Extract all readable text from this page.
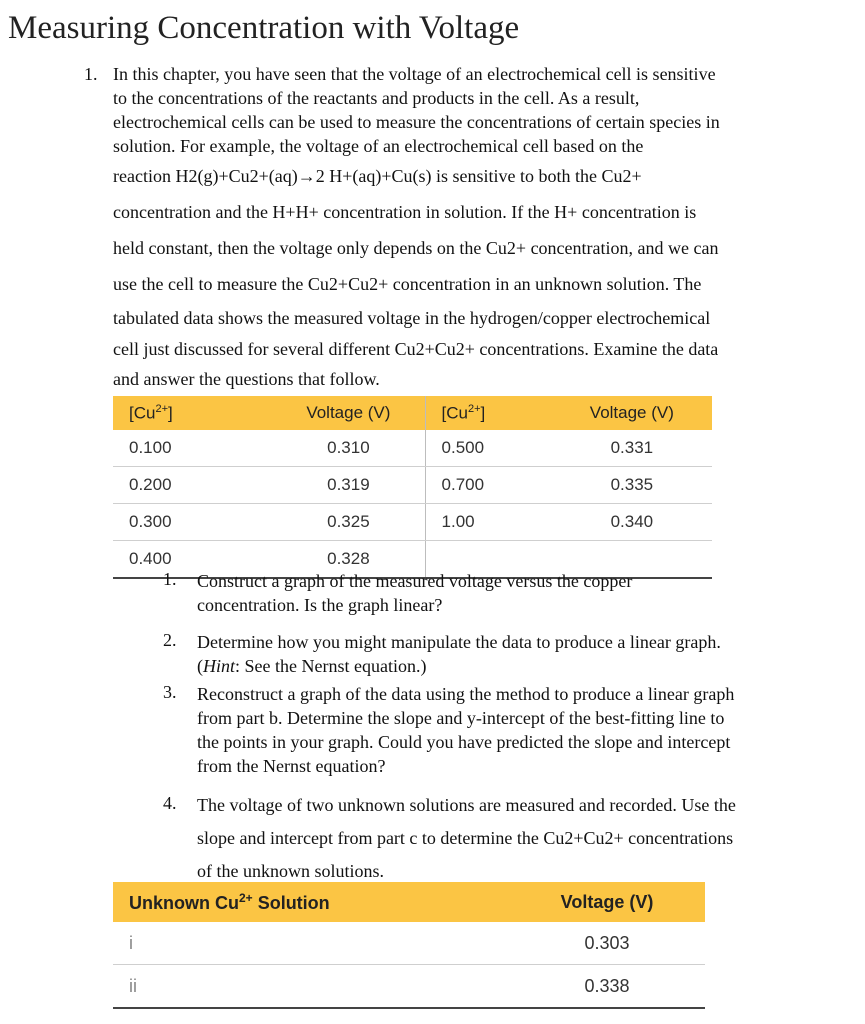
Measuring Concentration with Voltage
1. In this chapter, you have seen that the voltage of an electrochemical cell is sensitive
to the concentrations of the reactants and products in the cell. As a result,
electrochemical cells can be used to measure the concentrations of certain species in
solution. For example, the voltage of an electrochemical cell based on the
reaction H2(g)+Cu2+(aq)→2 H+(aq)+Cu(s) is sensitive to both the Cu2+
concentration and the H+H+ concentration in solution. If the H+ concentration is
held constant, then the voltage only depends on the Cu2+ concentration, and we can
use the cell to measure the Cu2+Cu2+ concentration in an unknown solution. The
tabulated data shows the measured voltage in the hydrogen/copper electrochemical
cell just discussed for several different Cu2+Cu2+ concentrations. Examine the data
and answer the questions that follow.
$[Cu^{2+}]$	Voltage (V)	$[Cu^{2+}]$	Voltage (V)
0.100	0.310	0.500	0.331
0.200	0.319	0.700	0.335
0.300	0.325	1.00	0.340
0.400	0.328		
1.	Construct a graph of the measured voltage versus the copper
concentration. Is the graph linear?
2.	Determine how you might manipulate the data to produce a linear graph.
(Hint: See the Nernst equation.)
3.	Reconstruct a graph of the data using the method to produce a linear graph
from part b. Determine the slope and y-intercept of the best-fitting line to
the points in your graph. Could you have predicted the slope and intercept
from the Nernst equation?
4.	The voltage of two unknown solutions are measured and recorded. Use the
slope and intercept from part c to determine the Cu2+Cu2+ concentrations
of the unknown solutions.
Unknown $Cu^{2+}$ Solution	Voltage (V)
i	0.303
ii	0.338
